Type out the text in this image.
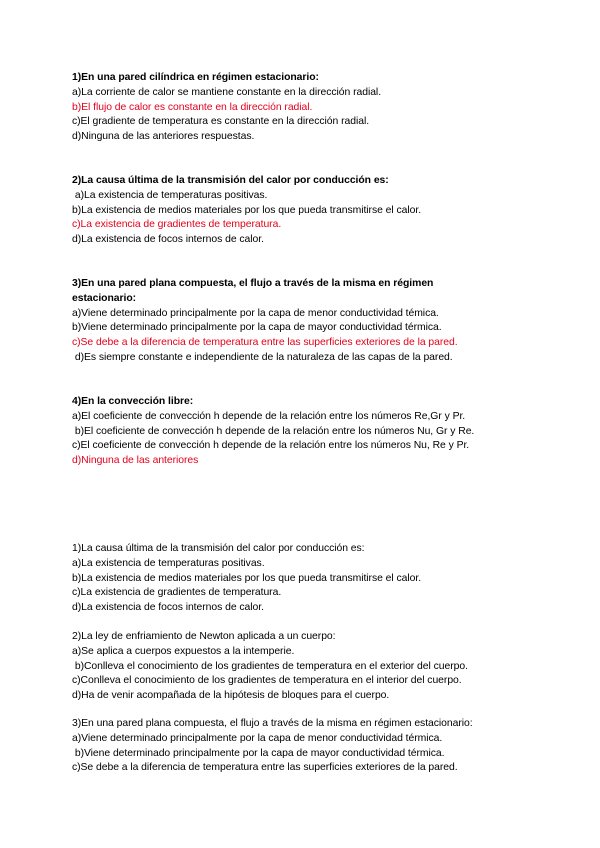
1)En una pared cilíndrica en régimen estacionario:
a)La corriente de calor se mantiene constante en la dirección radial.
b)El flujo de calor es constante en la dirección radial.
c)El gradiente de temperatura es constante en la dirección radial.
d)Ninguna de las anteriores respuestas.
2)La causa última de la transmisión del calor por conducción es:
a)La existencia de temperaturas positivas.
b)La existencia de medios materiales por los que pueda transmitirse el calor.
c)La existencia de gradientes de temperatura.
d)La existencia de focos internos de calor.
3)En una pared plana compuesta, el flujo a través de la misma en régimen
estacionario:
a)Viene determinado principalmente por la capa de menor conductividad témica.
b)Viene determinado principalmente por la capa de mayor conductividad térmica.
c)Se debe a la diferencia de temperatura entre las superficies exteriores de la pared.
d)Es siempre constante e independiente de la naturaleza de las capas de la pared.
4)En la convección libre:
a)El coeficiente de convección h depende de la relación entre los números Re,Gr y Pr.
b)El coeficiente de convección h depende de la relación entre los números Nu, Gr y Re.
c)El coeficiente de convección h depende de la relación entre los números Nu, Re y Pr.
d)Ninguna de las anteriores
1)La causa última de la transmisión del calor por conducción es:
a)La existencia de temperaturas positivas.
b)La existencia de medios materiales por los que pueda transmitirse el calor.
c)La existencia de gradientes de temperatura.
d)La existencia de focos internos de calor.
2)La ley de enfriamiento de Newton aplicada a un cuerpo:
a)Se aplica a cuerpos expuestos a la intemperie.
b)Conlleva el conocimiento de los gradientes de temperatura en el exterior del cuerpo.
c)Conlleva el conocimiento de los gradientes de temperatura en el interior del cuerpo.
d)Ha de venir acompañada de la hipótesis de bloques para el cuerpo.
3)En una pared plana compuesta, el flujo a través de la misma en régimen estacionario:
a)Viene determinado principalmente por la capa de menor conductividad térmica.
b)Viene determinado principalmente por la capa de mayor conductividad térmica.
c)Se debe a la diferencia de temperatura entre las superficies exteriores de la pared.
